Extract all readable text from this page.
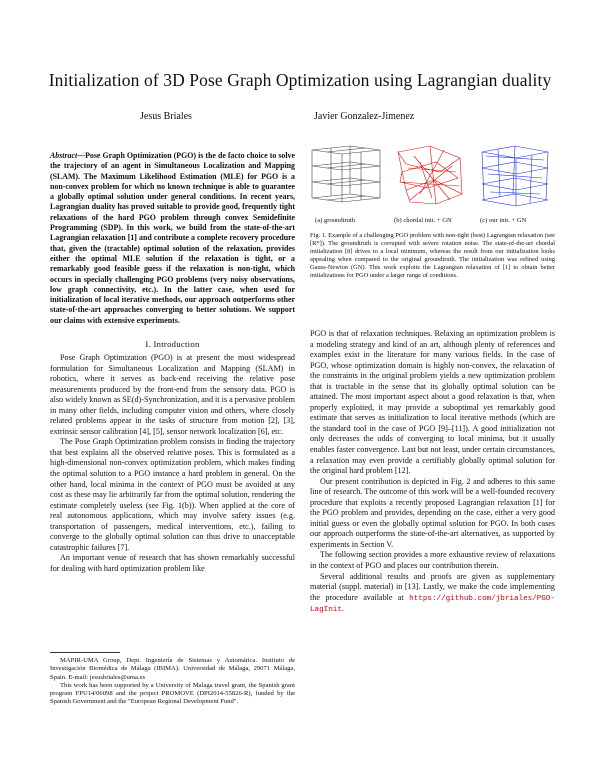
Initialization of 3D Pose Graph Optimization using Lagrangian duality
Jesus Briales	Javier Gonzalez-Jimenez
Abstract—Pose Graph Optimization (PGO) is the de facto choice to solve the trajectory of an agent in Simultaneous Localization and Mapping (SLAM). The Maximum Likelihood Estimation (MLE) for PGO is a non-convex problem for which no known technique is able to guarantee a globally optimal solution under general conditions. In recent years, Lagrangian duality has proved suitable to provide good, frequently tight relaxations of the hard PGO problem through convex Semidefinite Programming (SDP). In this work, we build from the state-of-the-art Lagrangian relaxation [1] and contribute a complete recovery procedure that, given the (tractable) optimal solution of the relaxation, provides either the optimal MLE solution if the relaxation is tight, or a remarkably good feasible guess if the relaxation is non-tight, which occurs in specially challenging PGO problems (very noisy observations, low graph connectivity, etc.). In the latter case, when used for initialization of local iterative methods, our approach outperforms other state-of-the-art approaches converging to better solutions. We support our claims with extensive experiments.
I. Introduction

Pose Graph Optimization (PGO) is at present the most widespread formulation for Simultaneous Localization and Mapping (SLAM) in robotics, where it serves as back-end receiving the relative pose measurements produced by the front-end from the sensory data. PGO is also widely known as SE(d)-Synchronization, and it is a pervasive problem in many other fields, including computer vision and others, where closely related problems appear in the tasks of structure from motion [2], [3], extrinsic sensor calibration [4], [5], sensor network localization [6], etc.

The Pose Graph Optimization problem consists in finding the trajectory that best explains all the observed relative poses. This is formulated as a high-dimensional non-convex optimization problem, which makes finding the optimal solution to a PGO instance a hard problem in general. On the other hand, local minima in the context of PGO must be avoided at any cost as these may lie arbitrarily far from the optimal solution, rendering the estimate completely useless (see Fig. 1(b)). When applied at the core of real autonomous applications, which may involve safety issues (e.g. transportation of passengers, medical interventions, etc.), failing to converge to the globally optimal solution can thus drive to unacceptable catastrophic failures [7].

An important venue of research that has shown remarkably successful for dealing with hard optimization problem like

MAPIR-UMA Group, Dept. Ingeniería de Sistemas y Automática. Instituto de Investigación Biomédica de Málaga (IBIMA). Universidad de Málaga, 29071 Málaga, Spain. E-mail: jesusbriales@uma.es

This work has been supported by a University of Malaga travel grant, the Spanish grant program FPU14/06098 and the project PROMOVE (DPI2014-55826-R), funded by the Spanish Government and the "European Regional Development Fund".

(a) groundtruth	(b) chordal init. + GN	(c) our init. + GN
Fig. 1. Example of a challenging PGO problem with non-tight (best) Lagrangian relaxation (see [R*]). The groundtruth is corrupted with severe rotation noise. The state-of-the-art chordal initialization [8] drives to a local minimum, whereas the result from our initialization looks appealing when compared to the original groundtruth. The initialization was refined using Gauss-Newton (GN). This work exploits the Lagrangian relaxation of [1] to obtain better initializations for PGO under a larger range of conditions.

PGO is that of relaxation techniques. Relaxing an optimization problem is a modeling strategy and kind of an art, although plenty of references and examples exist in the literature for many various fields. In the case of PGO, whose optimization domain is highly non-convex, the relaxation of the constraints in the original problem yields a new optimization problem that is tractable in the sense that its globally optimal solution can be attained. The most important aspect about a good relaxation is that, when properly exploited, it may provide a suboptimal yet remarkably good estimate that serves as initialization to local iterative methods (which are the standard tool in the case of PGO [9]–[11]). A good initialization not only decreases the odds of converging to local minima, but it usually enables faster convergence. Last but not least, under certain circumstances, a relaxation may even provide a certifiably globally optimal solution for the original hard problem [12].

Our present contribution is depicted in Fig. 2 and adheres to this same line of research. The outcome of this work will be a well-founded recovery procedure that exploits a recently proposed Lagrangian relaxation [1] for the PGO problem and provides, depending on the case, either a very good initial guess or even the globally optimal solution for PGO. In both cases our approach outperforms the state-of-the-art alternatives, as supported by experiments in Section V.

The following section provides a more exhaustive review of relaxations in the context of PGO and places our contribution therein.

Several additional results and proofs are given as supplementary material (suppl. material) in [13]. Lastly, we make the code implementing the procedure available at https://github.com/jbriales/PGO-LagInit.
